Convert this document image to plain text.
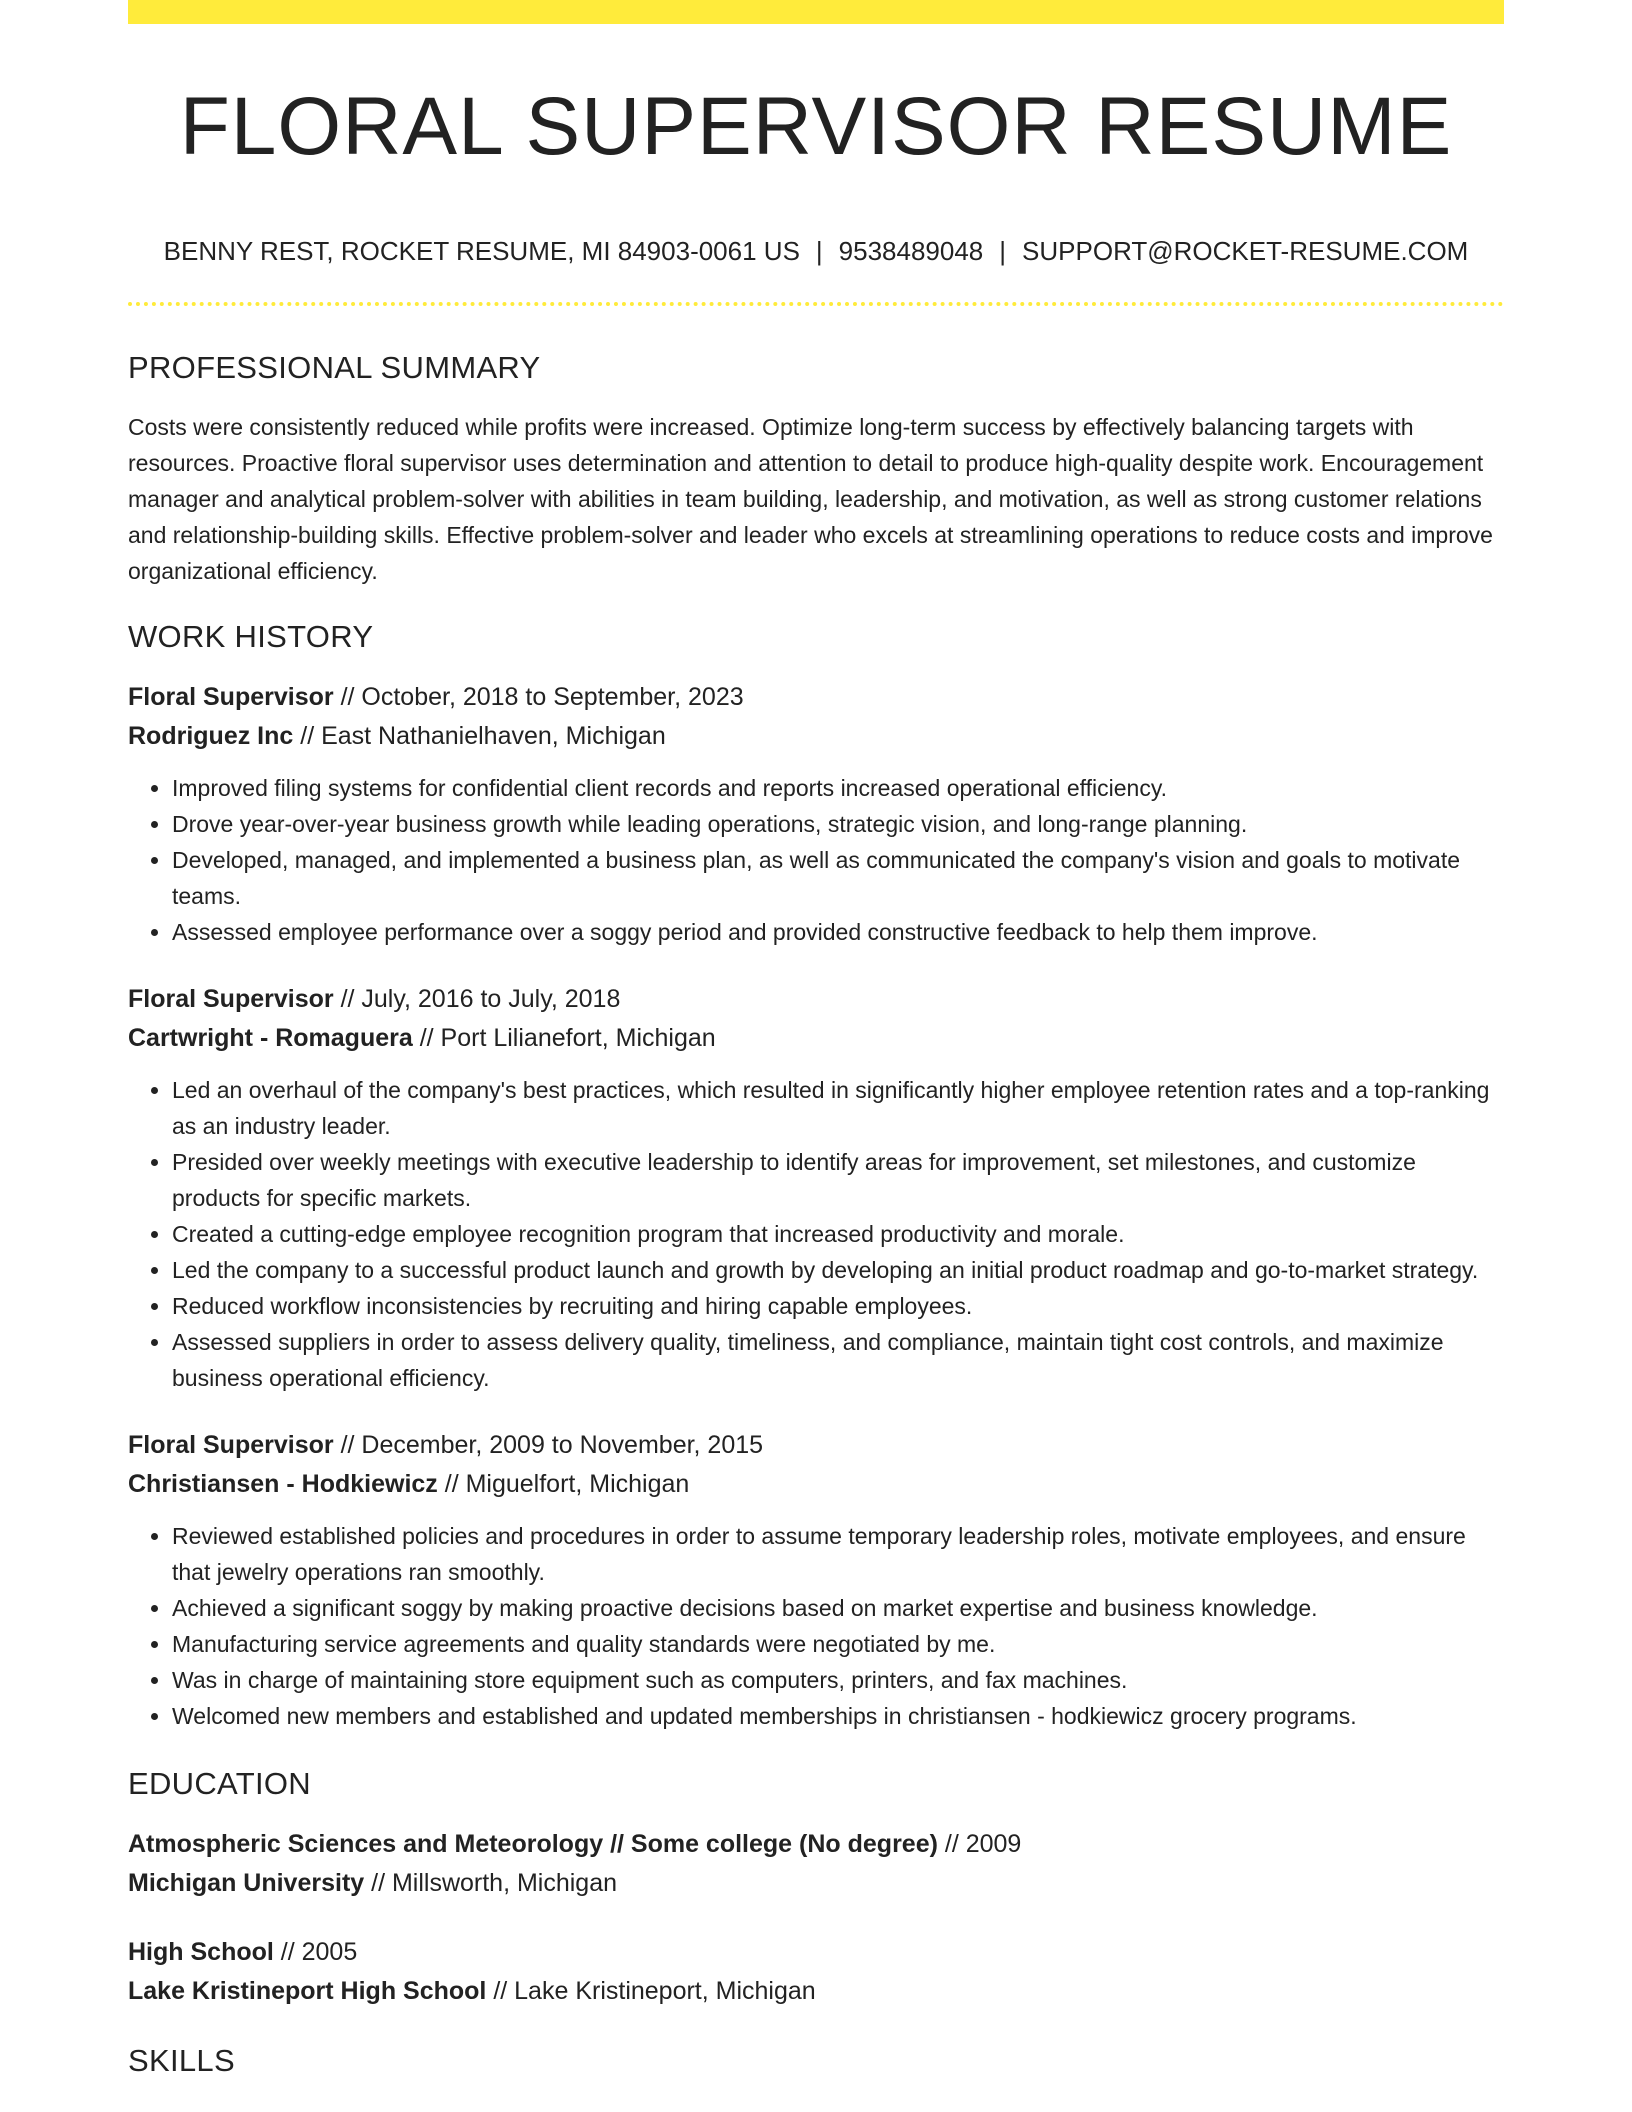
FLORAL SUPERVISOR RESUME
BENNY REST, ROCKET RESUME, MI 84903-0061 US | 9538489048 | SUPPORT@ROCKET-RESUME.COM
PROFESSIONAL SUMMARY

Costs were consistently reduced while profits were increased. Optimize long-term success by effectively balancing targets with resources. Proactive floral supervisor uses determination and attention to detail to produce high-quality despite work. Encouragement manager and analytical problem-solver with abilities in team building, leadership, and motivation, as well as strong customer relations and relationship-building skills. Effective problem-solver and leader who excels at streamlining operations to reduce costs and improve organizational efficiency.

WORK HISTORY
Floral Supervisor // October, 2018 to September, 2023
Rodriguez Inc // East Nathanielhaven, Michigan
• Improved filing systems for confidential client records and reports increased operational efficiency.
• Drove year-over-year business growth while leading operations, strategic vision, and long-range planning.
• Developed, managed, and implemented a business plan, as well as communicated the company's vision and goals to motivate teams.
• Assessed employee performance over a soggy period and provided constructive feedback to help them improve.
Floral Supervisor // July, 2016 to July, 2018
Cartwright - Romaguera // Port Lilianefort, Michigan
• Led an overhaul of the company's best practices, which resulted in significantly higher employee retention rates and a top-ranking as an industry leader.
• Presided over weekly meetings with executive leadership to identify areas for improvement, set milestones, and customize products for specific markets.
• Created a cutting-edge employee recognition program that increased productivity and morale.
• Led the company to a successful product launch and growth by developing an initial product roadmap and go-to-market strategy.
• Reduced workflow inconsistencies by recruiting and hiring capable employees.
• Assessed suppliers in order to assess delivery quality, timeliness, and compliance, maintain tight cost controls, and maximize business operational efficiency.
Floral Supervisor // December, 2009 to November, 2015
Christiansen - Hodkiewicz // Miguelfort, Michigan
• Reviewed established policies and procedures in order to assume temporary leadership roles, motivate employees, and ensure that jewelry operations ran smoothly.
• Achieved a significant soggy by making proactive decisions based on market expertise and business knowledge.
• Manufacturing service agreements and quality standards were negotiated by me.
• Was in charge of maintaining store equipment such as computers, printers, and fax machines.
• Welcomed new members and established and updated memberships in christiansen - hodkiewicz grocery programs.
EDUCATION
Atmospheric Sciences and Meteorology // Some college (No degree) // 2009
Michigan University // Millsworth, Michigan
High School // 2005
Lake Kristineport High School // Lake Kristineport, Michigan
SKILLS
